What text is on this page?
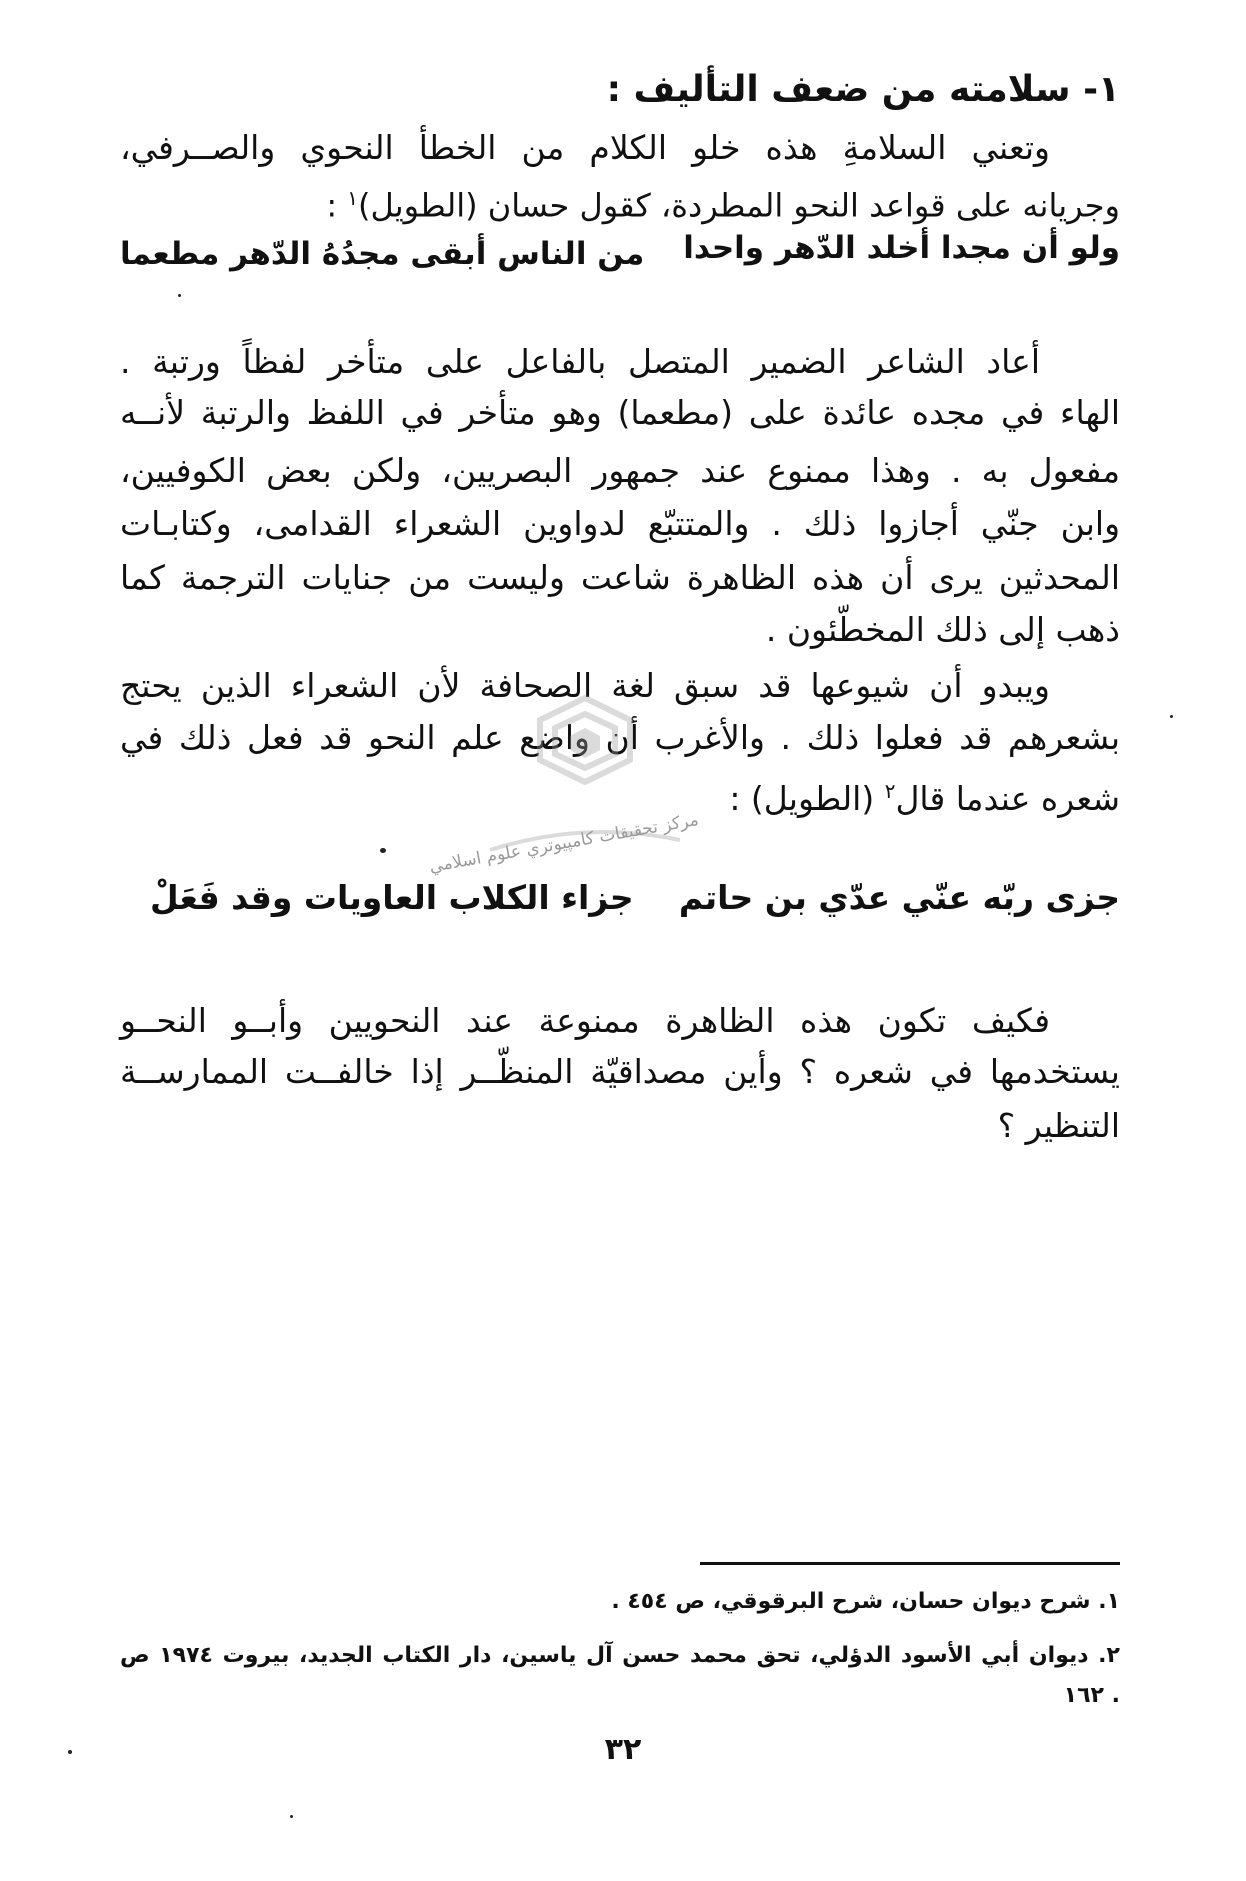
١- سلامته من ضعف التأليف :
وتعني السلامةِ هذه خلو الكلام من الخطأ النحوي والصــرفي،
وجريانه على قواعد النحو المطردة، كقول حسان (الطويل)$^١$ :
ولو أن مجدا أخلد الدّهر واحدا
من الناس أبقى مجدُهُ الدّهر مطعما
أعاد الشاعر الضمير المتصل بالفاعل على متأخر لفظاً ورتبة .
الهاء في مجده عائدة على (مطعما) وهو متأخر في اللفظ والرتبة لأنــه
مفعول به . وهذا ممنوع عند جمهور البصريين، ولكن بعض الكوفيين،
وابن جنّي أجازوا ذلك . والمتتبّع لدواوين الشعراء القدامى، وكتابـات
المحدثين يرى أن هذه الظاهرة شاعت وليست من جنايات الترجمة كما
ذهب إلى ذلك المخطّئون .
ويبدو أن شيوعها قد سبق لغة الصحافة لأن الشعراء الذين يحتج
بشعرهم قد فعلوا ذلك . والأغرب أن واضع علم النحو قد فعل ذلك في
شعره عندما قال$^٢$ (الطويل) :
مركز تحقيقات كامپيوتري علوم اسلامي
جزى ربّه عنّي عدّي بن حاتم
جزاء الكلاب العاويات وقد فَعَلْ
فكيف تكون هذه الظاهرة ممنوعة عند النحويين وأبــو النحــو
يستخدمها في شعره ؟ وأين مصداقيّة المنظّــر إذا خالفــت الممارســة
التنظير ؟
١. شرح ديوان حسان، شرح البرقوقي، ص ٤٥٤ .
٢. ديوان أبي الأسود الدؤلي، تحق محمد حسن آل ياسين، دار الكتاب الجديد، بيروت ١٩٧٤ ص
. ١٦٢
٣٢
